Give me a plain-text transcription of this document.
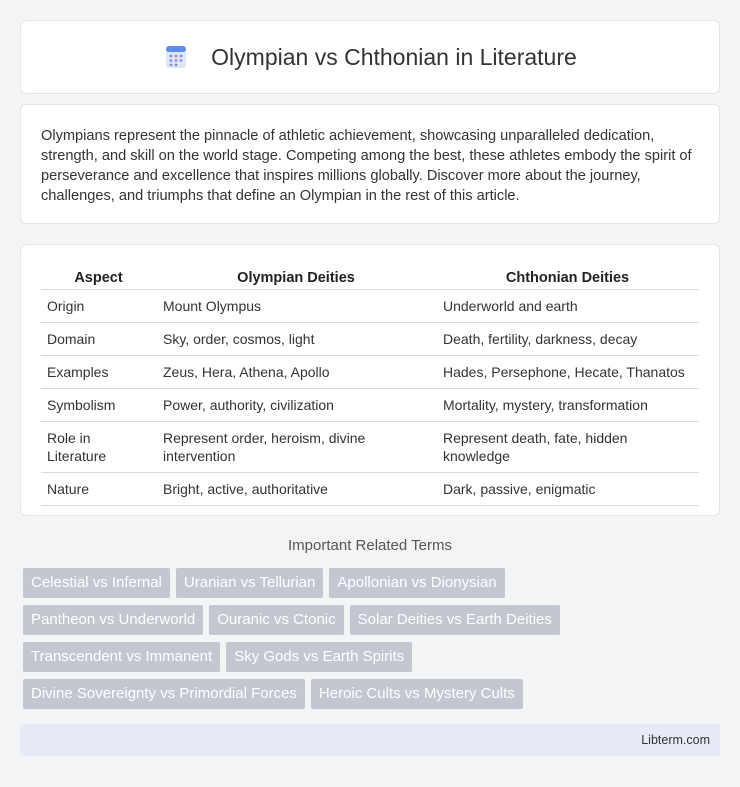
Olympian vs Chthonian in Literature

Olympians represent the pinnacle of athletic achievement, showcasing unparalleled dedication, strength, and skill on the world stage. Competing among the best, these athletes embody the spirit of perseverance and excellence that inspires millions globally. Discover more about the journey, challenges, and triumphs that define an Olympian in the rest of this article.

Aspect	Olympian Deities	Chthonian Deities
Origin	Mount Olympus	Underworld and earth
Domain	Sky, order, cosmos, light	Death, fertility, darkness, decay
Examples	Zeus, Hera, Athena, Apollo	Hades, Persephone, Hecate, Thanatos
Symbolism	Power, authority, civilization	Mortality, mystery, transformation
Role in Literature	Represent order, heroism, divine intervention	Represent death, fate, hidden knowledge
Nature	Bright, active, authoritative	Dark, passive, enigmatic
Important Related Terms
Celestial vs Infernal	Uranian vs Tellurian	Apollonian vs Dionysian
Pantheon vs Underworld	Ouranic vs Ctonic	Solar Deities vs Earth Deities
Transcendent vs Immanent	Sky Gods vs Earth Spirits
Divine Sovereignty vs Primordial Forces	Heroic Cults vs Mystery Cults
Libterm.com
